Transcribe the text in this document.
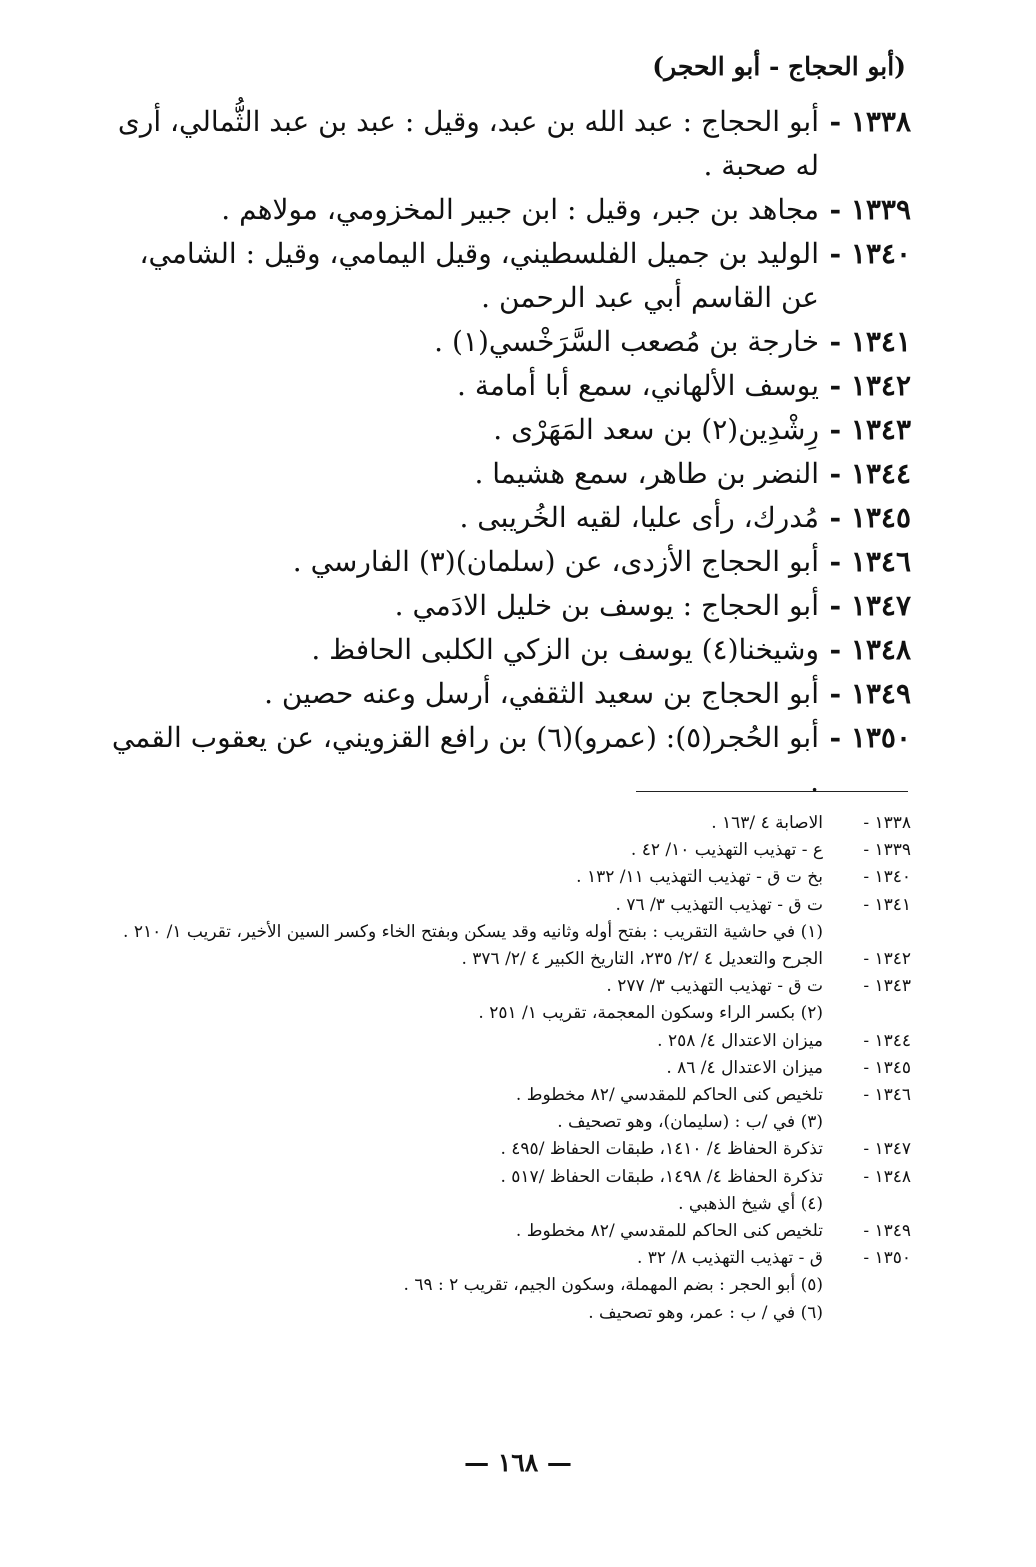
(أبو الحجاج - أبو الحجر)
١٣٣٨ -
أبو الحجاج : عبد الله بن عبد، وقيل : عبد بن عبد الثُّمالي، أرى له صحبة .
١٣٣٩ -
مجاهد بن جبر، وقيل : ابن جبير المخزومي، مولاهم .
١٣٤٠ -
الوليد بن جميل الفلسطيني، وقيل اليمامي، وقيل : الشامي، عن القاسم أبي عبد الرحمن .
١٣٤١ -
خارجة بن مُصعب السَّرَخْسي(١) .
١٣٤٢ -
يوسف الألهاني، سمع أبا أمامة .
١٣٤٣ -
رِشْدِين(٢) بن سعد المَهَرْى .
١٣٤٤ -
النضر بن طاهر، سمع هشيما .
١٣٤٥ -
مُدرك، رأى عليا، لقيه الخُريبى .
١٣٤٦ -
أبو الحجاج الأزدى، عن (سلمان)(٣) الفارسي .
١٣٤٧ -
أبو الحجاج : يوسف بن خليل الادَمي .
١٣٤٨ -
وشيخنا(٤) يوسف بن الزكي الكلبى الحافظ .
١٣٤٩ -
أبو الحجاج بن سعيد الثقفي، أرسل وعنه حصين .
١٣٥٠ -
أبو الحُجر(٥): (عمرو)(٦) بن رافع القزويني، عن يعقوب القمي .
١٣٣٨ -
الاصابة ٤ /١٦٣ .
١٣٣٩ -
ع - تهذيب التهذيب ١٠/ ٤٢ .
١٣٤٠ -
بخ ت ق - تهذيب التهذيب ١١/ ١٣٢ .
١٣٤١ -
ت ق - تهذيب التهذيب ٣/ ٧٦ .
(١) في حاشية التقريب : بفتح أوله وثانيه وقد يسكن وبفتح الخاء وكسر السين الأخير، تقريب ١/ ٢١٠ .
١٣٤٢ -
الجرح والتعديل ٤ /٢/ ٢٣٥، التاريخ الكبير ٤ /٢/ ٣٧٦ .
١٣٤٣ -
ت ق - تهذيب التهذيب ٣/ ٢٧٧ .
(٢) بكسر الراء وسكون المعجمة، تقريب ١/ ٢٥١ .
١٣٤٤ -
ميزان الاعتدال ٤/ ٢٥٨ .
١٣٤٥ -
ميزان الاعتدال ٤/ ٨٦ .
١٣٤٦ -
تلخيص كنى الحاكم للمقدسي /٨٢ مخطوط .
(٣) في /ب : (سليمان)، وهو تصحيف .
١٣٤٧ -
تذكرة الحفاظ ٤/ ١٤١٠، طبقات الحفاظ /٤٩٥ .
١٣٤٨ -
تذكرة الحفاظ ٤/ ١٤٩٨، طبقات الحفاظ /٥١٧ .
(٤) أي شيخ الذهبي .
١٣٤٩ -
تلخيص كنى الحاكم للمقدسي /٨٢ مخطوط .
١٣٥٠ -
ق - تهذيب التهذيب ٨/ ٣٢ .
(٥) أبو الحجر : بضم المهملة، وسكون الجيم، تقريب ٢ : ٦٩ .
(٦) في / ب : عمر، وهو تصحيف .
— ١٦٨ —
